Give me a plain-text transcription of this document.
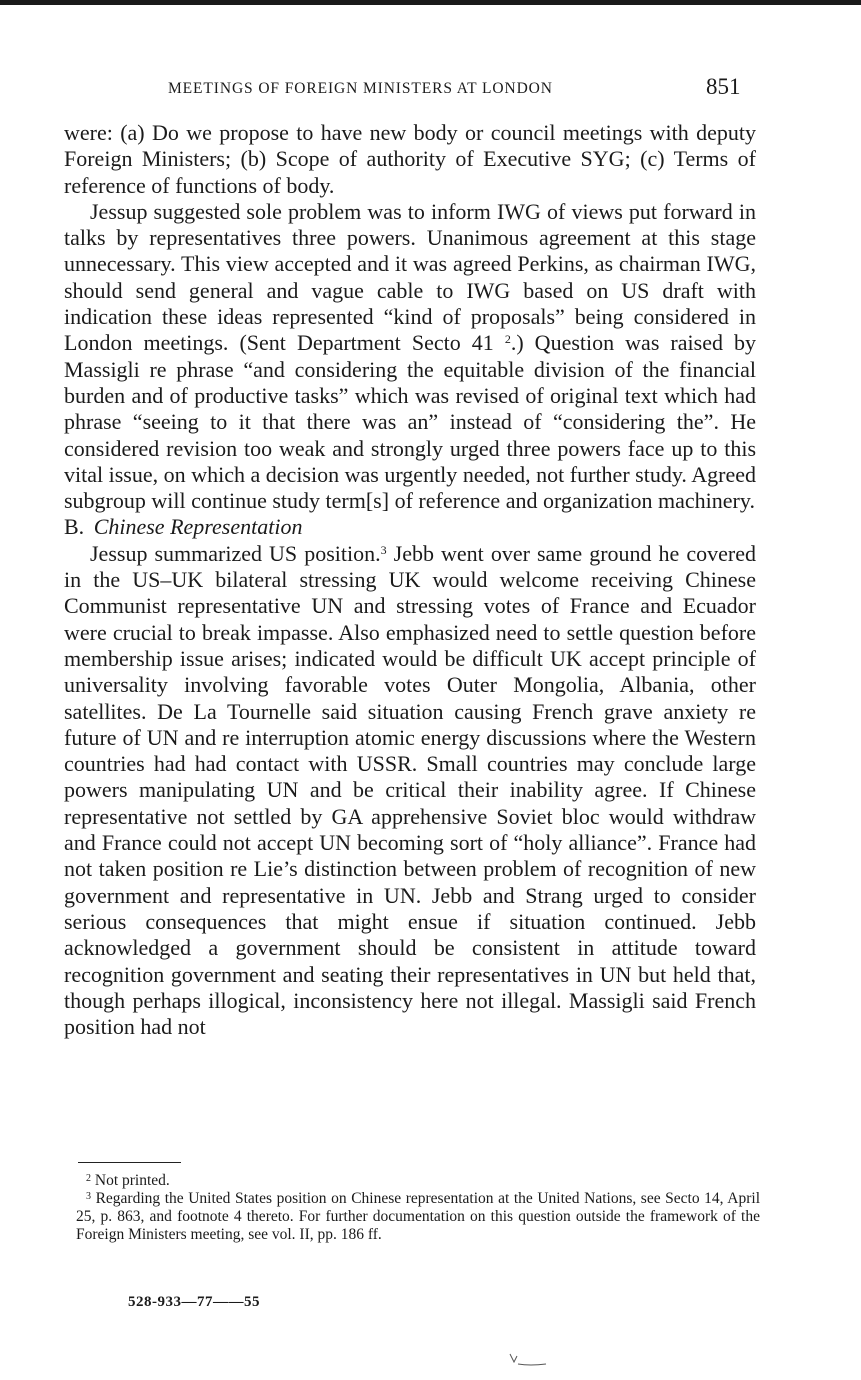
MEETINGS OF FOREIGN MINISTERS AT LONDON	851

were: (a) Do we propose to have new body or council meetings with deputy Foreign Ministers; (b) Scope of authority of Executive SYG; (c) Terms of reference of functions of body.

Jessup suggested sole problem was to inform IWG of views put forward in talks by representatives three powers. Unanimous agreement at this stage unnecessary. This view accepted and it was agreed Perkins, as chairman IWG, should send general and vague cable to IWG based on US draft with indication these ideas represented “kind of proposals” being considered in London meetings. (Sent Department Secto 41 $^2$.) Question was raised by Massigli re phrase “and considering the equitable division of the financial burden and of productive tasks” which was revised of original text which had phrase “seeing to it that there was an” instead of “considering the”. He considered revision too weak and strongly urged three powers face up to this vital issue, on which a decision was urgently needed, not further study. Agreed subgroup will continue study term[s] of reference and organization machinery.

B. Chinese Representation

Jessup summarized US position.$^3$ Jebb went over same ground he covered in the US–UK bilateral stressing UK would welcome receiving Chinese Communist representative UN and stressing votes of France and Ecuador were crucial to break impasse. Also emphasized need to settle question before membership issue arises; indicated would be difficult UK accept principle of universality involving favorable votes Outer Mongolia, Albania, other satellites. De La Tournelle said situation causing French grave anxiety re future of UN and re interruption atomic energy discussions where the Western countries had had contact with USSR. Small countries may conclude large powers manipulating UN and be critical their inability agree. If Chinese representative not settled by GA apprehensive Soviet bloc would withdraw and France could not accept UN becoming sort of “holy alliance”. France had not taken position re Lie’s distinction between problem of recognition of new government and representative in UN. Jebb and Strang urged to consider serious consequences that might ensue if situation continued. Jebb acknowledged a government should be consistent in attitude toward recognition government and seating their representatives in UN but held that, though perhaps illogical, inconsistency here not illegal. Massigli said French position had not

$^2$ Not printed.

$^3$ Regarding the United States position on Chinese representation at the United Nations, see Secto 14, April 25, p. 863, and footnote 4 thereto. For further documentation on this question outside the framework of the Foreign Ministers meeting, see vol. II, pp. 186 ff.

528-933—77——55
